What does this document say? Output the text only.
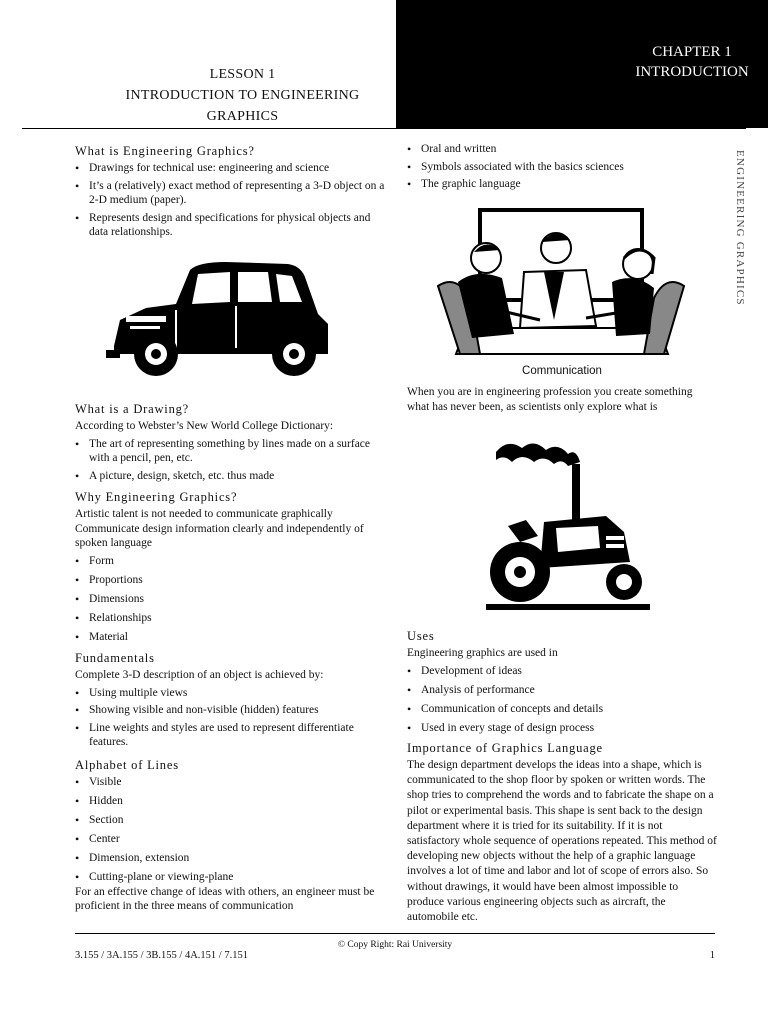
CHAPTER 1
INTRODUCTION
LESSON 1
INTRODUCTION TO ENGINEERING
GRAPHICS
ENGINEERING GRAPHICS
What is Engineering Graphics?
• Drawings for technical use: engineering and science
• It’s a (relatively) exact method of representing a 3-D object on a 2-D medium (paper).
• Represents design and specifications for physical objects and data relationships.
What is a Drawing?

According to Webster’s New World College Dictionary:

• The art of representing something by lines made on a surface with a pencil, pen, etc.
• A picture, design, sketch, etc. thus made
Why Engineering Graphics?

Artistic talent is not needed to communicate graphically

Communicate design information clearly and independently of spoken language

• Form
• Proportions
• Dimensions
• Relationships
• Material
Fundamentals

Complete 3-D description of an object is achieved by:

• Using multiple views
• Showing visible and non-visible (hidden) features
• Line weights and styles are used to represent differentiate features.
Alphabet of Lines
• Visible
• Hidden
• Section
• Center
• Dimension, extension
• Cutting-plane or viewing-plane

For an effective change of ideas with others, an engineer must be proficient in the three means of communication

• Oral and written
• Symbols associated with the basics sciences
• The graphic language
Communication

When you are in engineering profession you create something what has never been, as scientists only explore what is

Uses

Engineering graphics are used in

• Development of ideas
• Analysis of performance
• Communication of concepts and details
• Used in every stage of design process
Importance of Graphics Language

The design department develops the ideas into a shape, which is communicated to the shop floor by spoken or written words. The shop tries to comprehend the words and to fabricate the shape on a pilot or experimental basis. This shape is sent back to the design department where it is tried for its suitability. If it is not satisfactory whole sequence of operations repeated. This method of developing new objects without the help of a graphic language involves a lot of time and labor and lot of scope of errors also. So without drawings, it would have been almost impossible to produce various engineering objects such as aircraft, the automobile etc.

© Copy Right: Rai University
3.155 / 3A.155 / 3B.155 / 4A.151 / 7.151	1
